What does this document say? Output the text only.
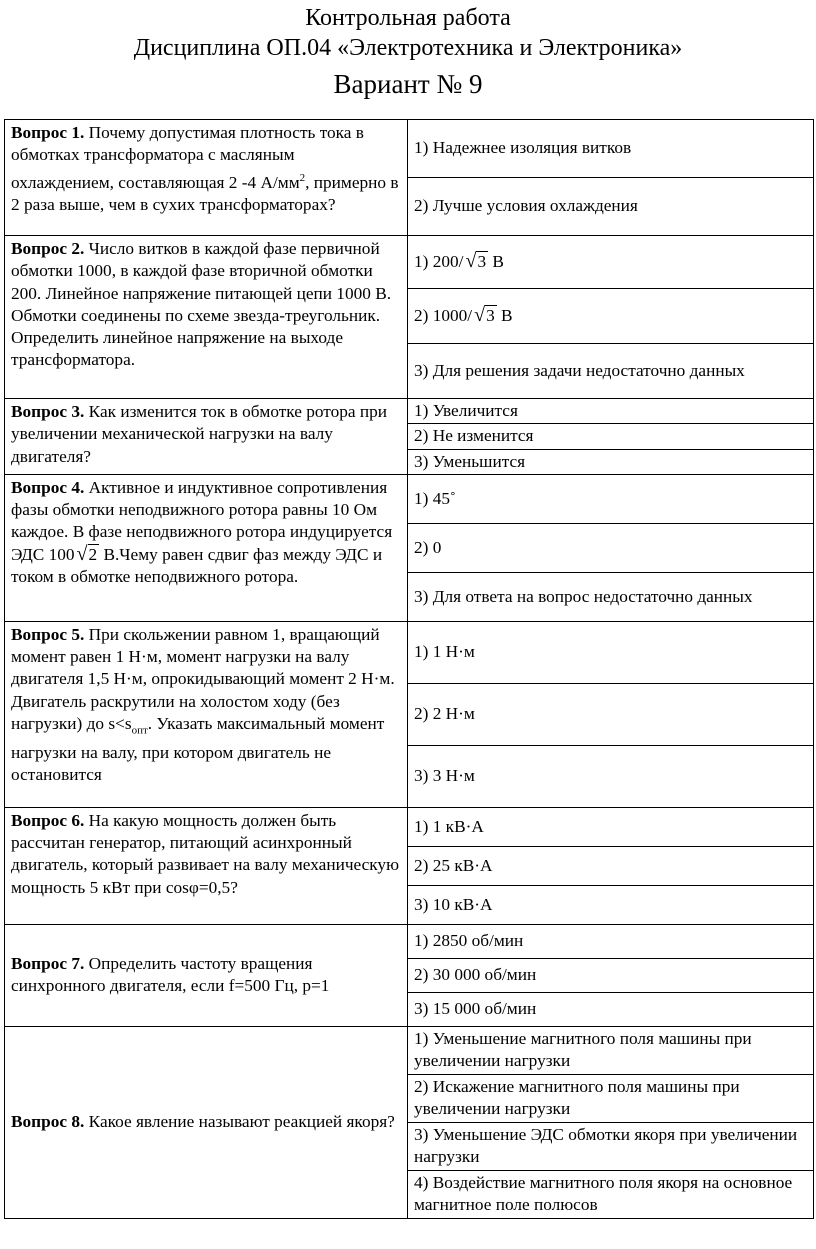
Контрольная работа
Дисциплина ОП.04 «Электротехника и Электроника»
Вариант № 9
Вопрос 1. Почему допустимая плотность тока в обмотках трансформатора с масляным охлаждением, составляющая 2 -4 $А/мм^2$, примерно в 2 раза выше, чем в сухих трансформаторах?	1) Надежнее изоляция витков
	2) Лучше условия охлаждения
Вопрос 2. Число витков в каждой фазе первичной обмотки 1000, в каждой фазе вторичной обмотки 200. Линейное напряжение питающей цепи 1000 В. Обмотки соединены по схеме звезда-треугольник. Определить линейное напряжение на выходе трансформатора.	1) 200/ √3 В
	2) 1000/ √3 В
	3) Для решения задачи недостаточно данных
Вопрос 3. Как изменится ток в обмотке ротора при увеличении механической нагрузки на валу двигателя?	1) Увеличится
	2) Не изменится
	3) Уменьшится
Вопрос 4. Активное и индуктивное сопротивления фазы обмотки неподвижного ротора равны 10 Ом каждое. В фазе неподвижного ротора индуцируется ЭДС 100 √2 В.Чему равен сдвиг фаз между ЭДС и током в обмотке неподвижного ротора.	1) 45˚
	2) 0
	3) Для ответа на вопрос недостаточно данных
Вопрос 5. При скольжении равном 1, вращающий момент равен 1 Н·м, момент нагрузки на валу двигателя 1,5 Н·м, опрокидывающий момент 2 Н·м. Двигатель раскрутили на холостом ходу (без нагрузки) до $s<s_{опт}$. Указать максимальный момент нагрузки на валу, при котором двигатель не остановится	1) 1 Н·м
	2) 2 Н·м
	3) 3 Н·м
Вопрос 6. На какую мощность должен быть рассчитан генератор, питающий асинхронный двигатель, который развивает на валу механическую мощность 5 кВт при cosφ=0,5?	1) 1 кВ·А
	2) 25 кВ·А
	3) 10 кВ·А
Вопрос 7. Определить частоту вращения синхронного двигателя, если f=500 Гц, p=1	1) 2850 об/мин
	2) 30 000 об/мин
	3) 15 000 об/мин
Вопрос 8. Какое явление называют реакцией якоря?	1) Уменьшение магнитного поля машины при увеличении нагрузки
	2) Искажение магнитного поля машины при увеличении нагрузки
	3) Уменьшение ЭДС обмотки якоря при увеличении нагрузки
	4) Воздействие магнитного поля якоря на основное магнитное поле полюсов
